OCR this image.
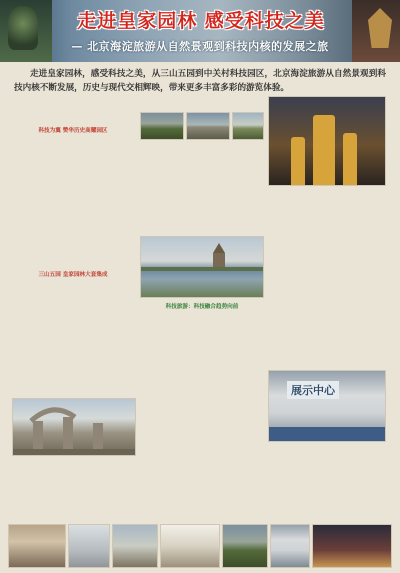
走进皇家园林 感受科技之美
— 北京海淀旅游从自然景观到科技内核的发展之旅
走进皇家园林，感受科技之美，从三山五园到中关村科技园区，北京海淀旅游从自然景观到科技内核不断发展，历史与现代交相辉映，带来更多丰富多彩的游览体验。
科技为翼 赞华历史高耀园区
三山五园 皇家园林大套集成
科技旅游：科技融合趋势向前
展示中心
